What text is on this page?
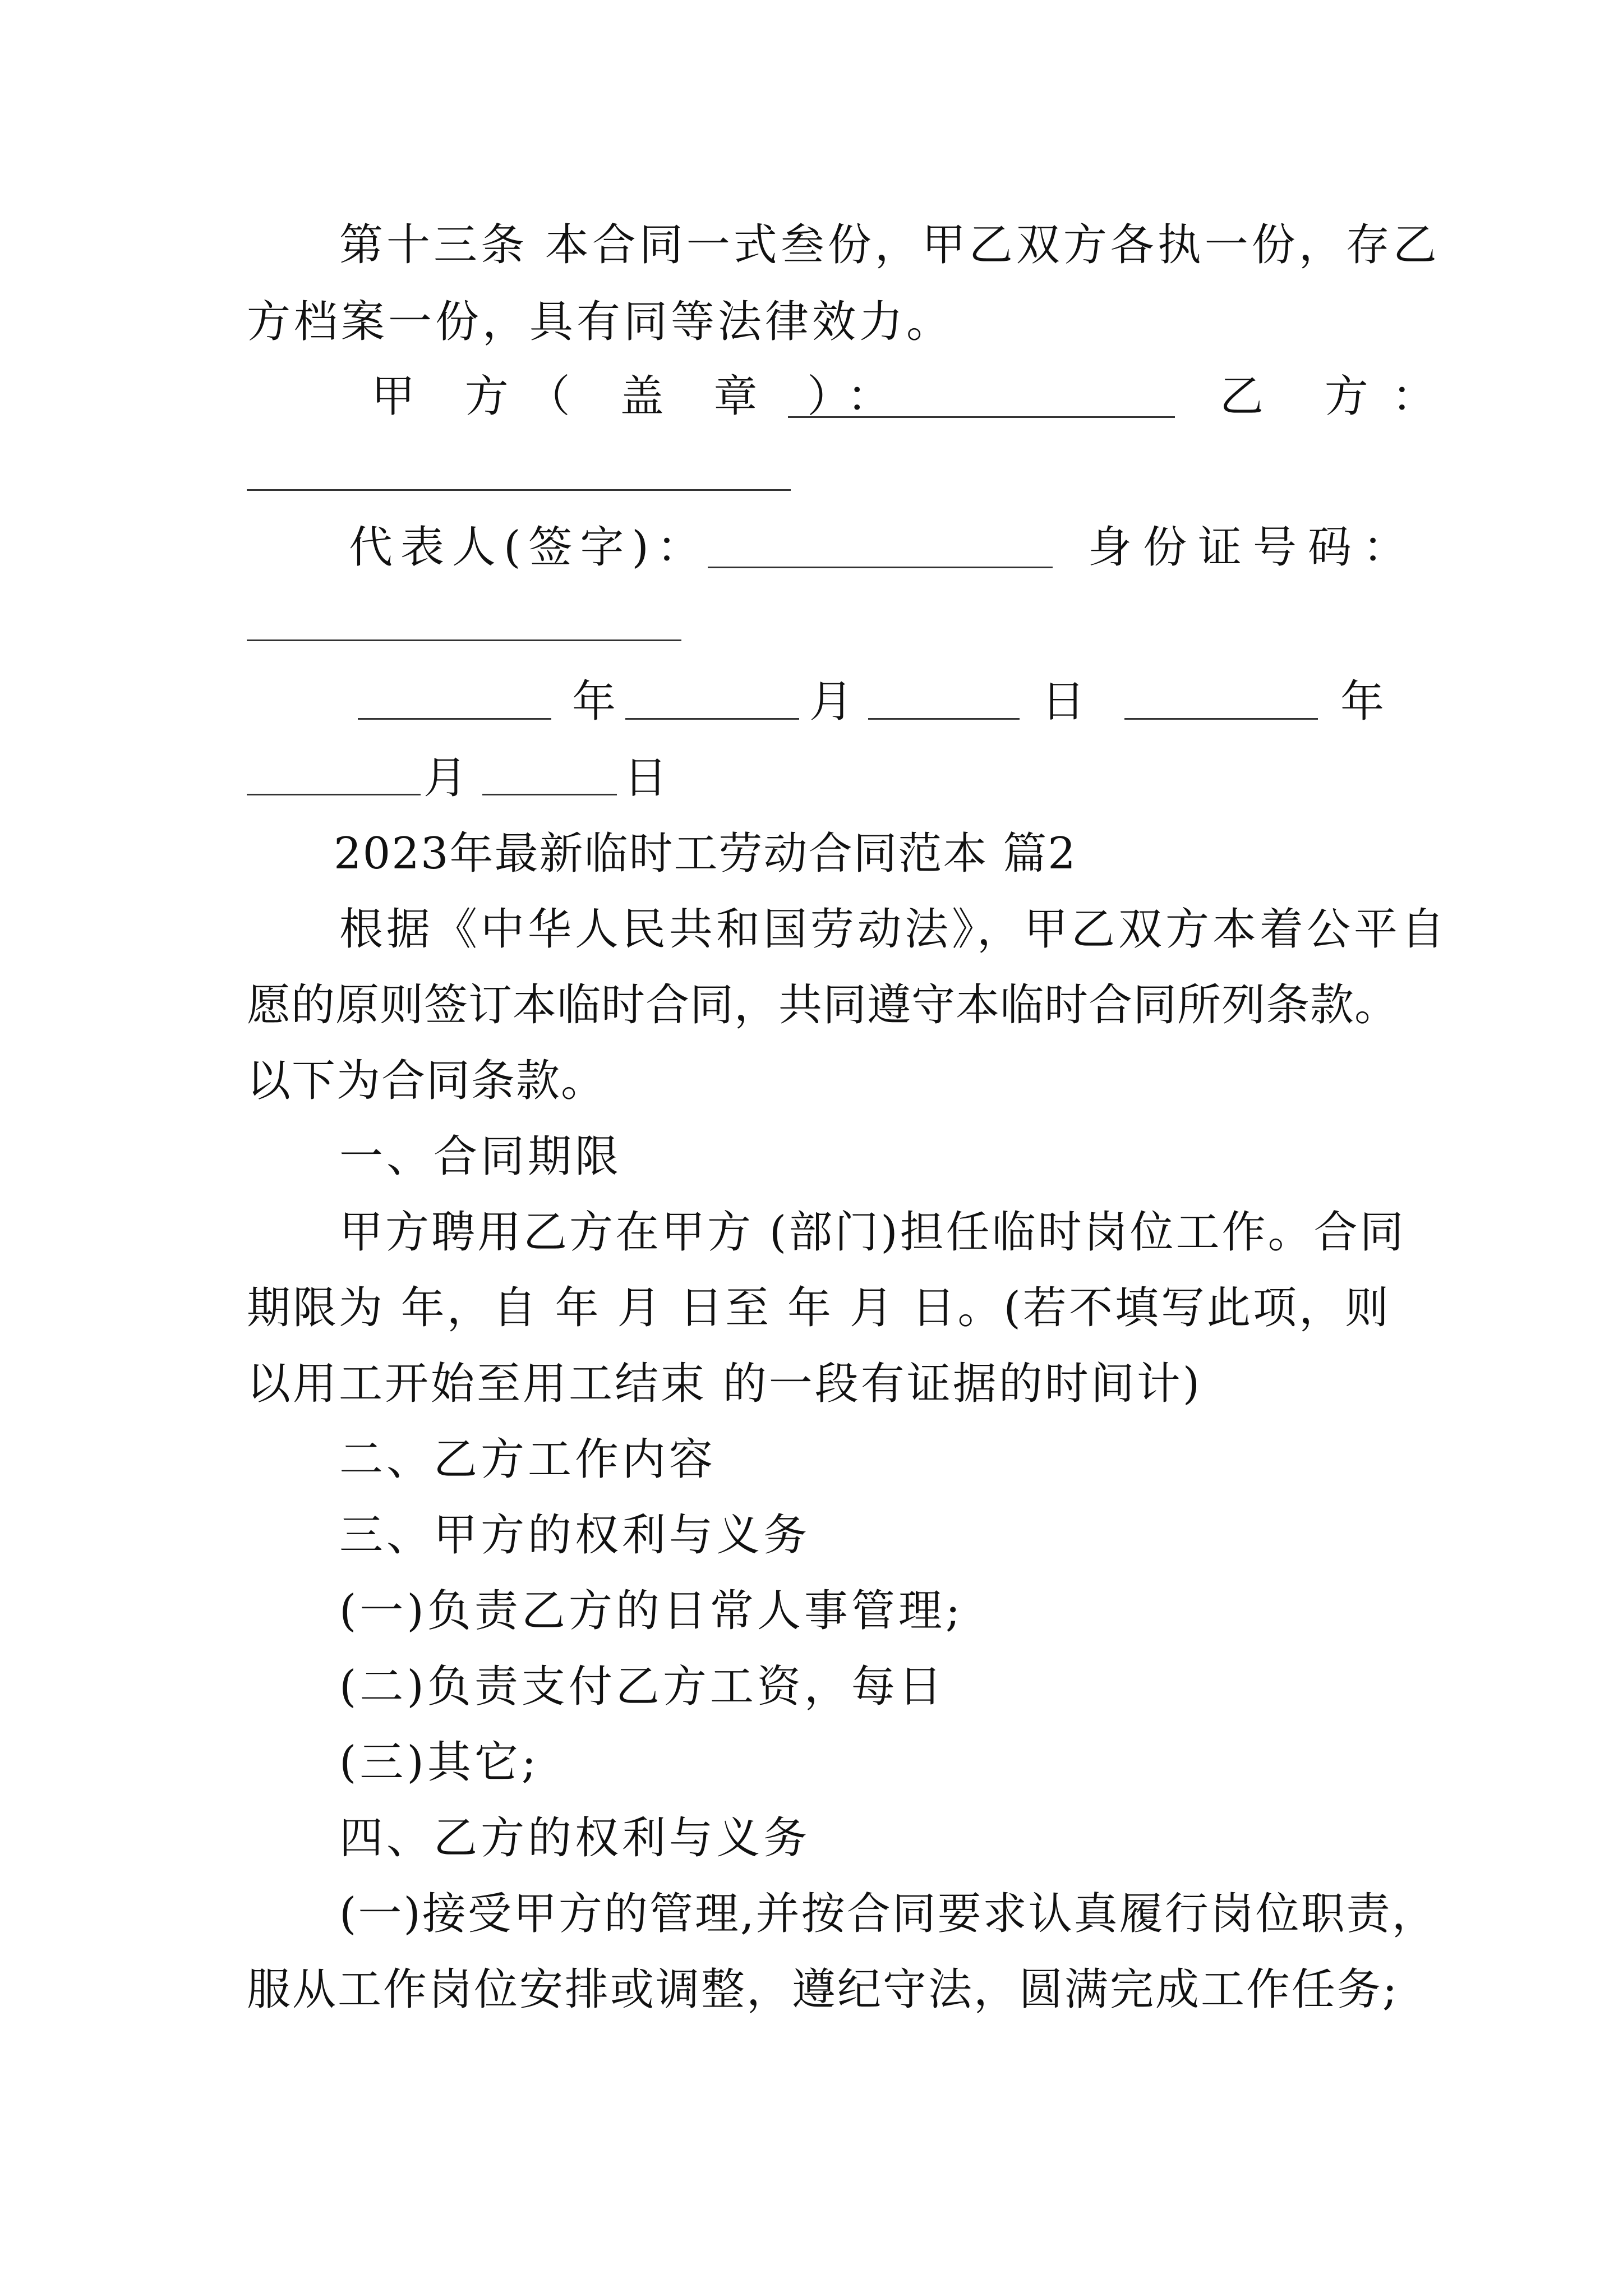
第十三条 本合同一式叁份，甲乙双方各执一份，存乙
方档案一份，具有同等法律效力。
甲 方（ 盖 章 ）：	乙 方：
代表人(签字)：	身份证号码：
年	月	日	年
月	日
2023年最新临时工劳动合同范本 篇2
根据《中华人民共和国劳动法》，甲乙双方本着公平自
愿的原则签订本临时合同，共同遵守本临时合同所列条款。
以下为合同条款。
一、合同期限
甲方聘用乙方在甲方 (部门)担任临时岗位工作。合同
期限为 年，自 年 月 日至 年 月 日。(若不填写此项，则
以用工开始至用工结束 的一段有证据的时间计)
二、乙方工作内容
三、甲方的权利与义务
(一)负责乙方的日常人事管理;
(二)负责支付乙方工资，每日
(三)其它;
四、乙方的权利与义务
(一)接受甲方的管理,并按合同要求认真履行岗位职责，
服从工作岗位安排或调整，遵纪守法，圆满完成工作任务;
